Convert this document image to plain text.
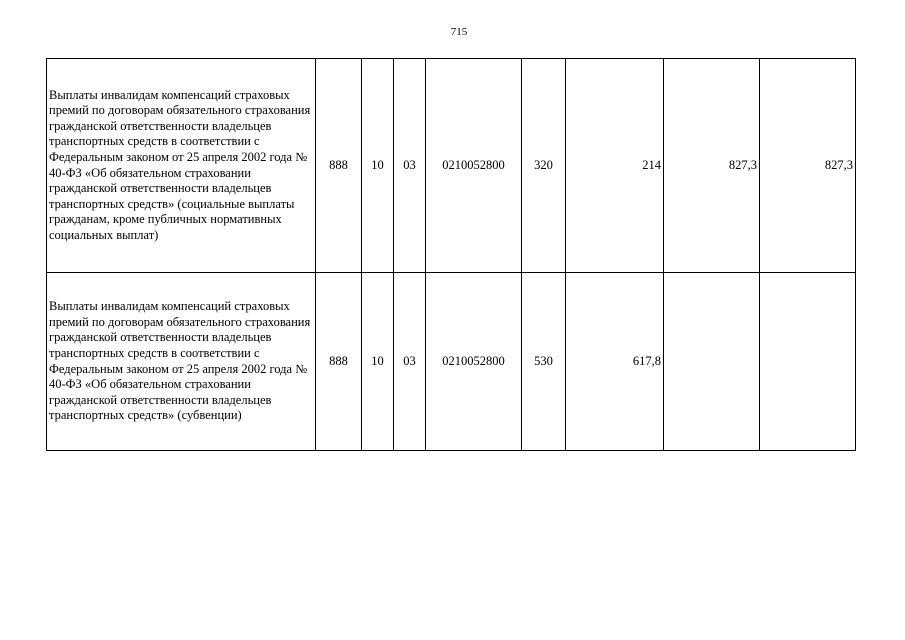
715
Выплаты инвалидам компенсаций страховых премий по договорам обязательного страхования гражданской ответственности владельцев транспортных средств в соответствии с Федеральным законом от 25 апреля 2002 года № 40-ФЗ «Об обязательном страховании гражданской ответственности владельцев транспортных средств» (социальные выплаты гражданам, кроме публичных нормативных социальных выплат)	888	10	03	0210052800	320	214	827,3	827,3

Выплаты инвалидам компенсаций страховых премий по договорам обязательного страхования гражданской ответственности владельцев транспортных средств в соответствии с Федеральным законом от 25 апреля 2002 года № 40-ФЗ «Об обязательном страховании гражданской ответственности владельцев транспортных средств» (субвенции)	888	10	03	0210052800	530	617,8		
